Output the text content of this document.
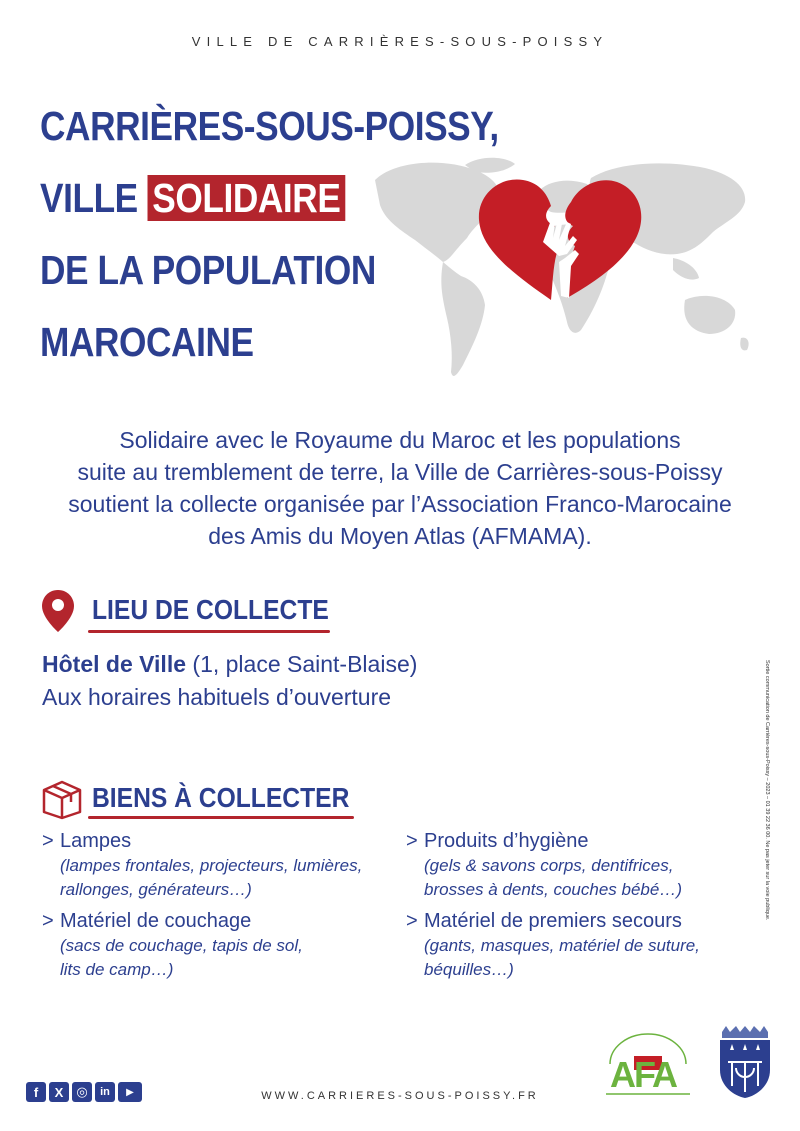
VILLE DE CARRIÈRES-SOUS-POISSY
CARRIÈRES-SOUS-POISSY,
VILLE SOLIDAIRE
DE LA POPULATION
MAROCAINE
Solidaire avec le Royaume du Maroc et les populations
suite au tremblement de terre, la Ville de Carrières-sous-Poissy
soutient la collecte organisée par l’Association Franco-Marocaine
des Amis du Moyen Atlas (AFMAMA).
LIEU DE COLLECTE
Hôtel de Ville (1, place Saint-Blaise)
Aux horaires habituels d’ouverture
BIENS À COLLECTER
> Lampes
(lampes frontales, projecteurs, lumières,
rallonges, générateurs…)
> Matériel de couchage
(sacs de couchage, tapis de sol,
lits de camp…)
> Produits d’hygiène
(gels & savons corps, dentifrices,
brosses à dents, couches bébé…)
> Matériel de premiers secours
(gants, masques, matériel de suture,
béquilles…)
Sortie communication de Carrières-sous-Poissy – 2023 – 01 39 22 36 00. Ne pas jeter sur la voie publique.
f	X	◎	in	▶	WWW.CARRIERES-SOUS-POISSY.FR
AFA
